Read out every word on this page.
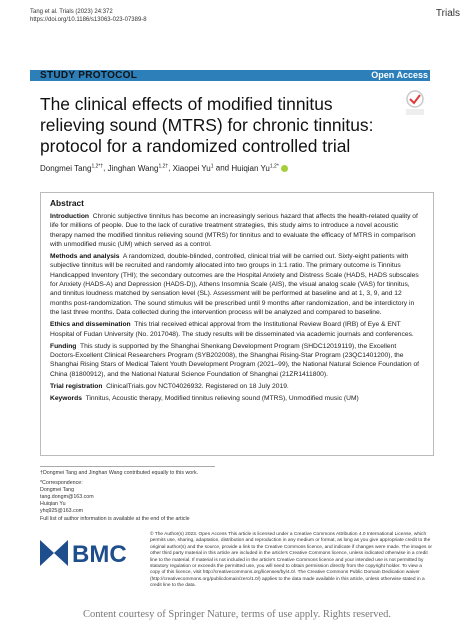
Tang et al. Trials (2023) 24:372
https://doi.org/10.1186/s13063-023-07389-8
Trials
STUDY PROTOCOL	Open Access
The clinical effects of modified tinnitus relieving sound (MTRS) for chronic tinnitus: protocol for a randomized controlled trial
Dongmei Tang$^{1,2*\dagger}$, Jinghan Wang$^{1,2\dagger}$, Xiaopei Yu$^1$ and Huiqian $Yu^{1,2*}$
Abstract

Introduction Chronic subjective tinnitus has become an increasingly serious hazard that affects the health-related quality of life for millions of people. Due to the lack of curative treatment strategies, this study aims to introduce a novel acoustic therapy named the modified tinnitus relieving sound (MTRS) for tinnitus and to evaluate the efficacy of MTRS in comparison with unmodified music (UM) which served as a control.

Methods and analysis A randomized, double-blinded, controlled, clinical trial will be carried out. Sixty-eight patients with subjective tinnitus will be recruited and randomly allocated into two groups in 1:1 ratio. The primary outcome is Tinnitus Handicapped Inventory (THI); the secondary outcomes are the Hospital Anxiety and Distress Scale (HADS, HADS subscales for Anxiety (HADS-A) and Depression (HADS-D)), Athens Insomnia Scale (AIS), the visual analog scale (VAS) for tinnitus, and tinnitus loudness matched by sensation level (SL). Assessment will be performed at baseline and at 1, 3, 9, and 12 months post-randomization. The sound stimulus will be prescribed until 9 months after randomization, and be interdictory in the last three months. Data collected during the intervention process will be analyzed and compared to baseline.

Ethics and dissemination This trial received ethical approval from the Institutional Review Board (IRB) of Eye & ENT Hospital of Fudan University (No. 2017048). The study results will be disseminated via academic journals and conferences.

Funding This study is supported by the Shanghai Shenkang Development Program (SHDC12019119), the Excellent Doctors-Excellent Clinical Researchers Program (SYB202008), the Shanghai Rising-Star Program (23QC1401200), the Shanghai Rising Stars of Medical Talent Youth Development Program (2021–99), the National Natural Science Foundation of China (81800912), and the National Natural Science Foundation of Shanghai (21ZR1411800).

Trial registration ClinicalTrials.gov NCT04026932. Registered on 18 July 2019.

Keywords Tinnitus, Acoustic therapy, Modified tinnitus relieving sound (MTRS), Unmodified music (UM)

†Dongmei Tang and Jinghan Wang contributed equally to this work.
*Correspondence:
Dongmei Tang
tang.dongm@163.com
Huiqian Yu
yhq925@163.com
Full list of author information is available at the end of the article
BMC
© The Author(s) 2023. Open Access This article is licensed under a Creative Commons Attribution 4.0 International License, which permits use, sharing, adaptation, distribution and reproduction in any medium or format, as long as you give appropriate credit to the original author(s) and the source, provide a link to the Creative Commons licence, and indicate if changes were made. The images or other third party material in this article are included in the article's Creative Commons licence, unless indicated otherwise in a credit line to the material. If material is not included in the article's Creative Commons licence and your intended use is not permitted by statutory regulation or exceeds the permitted use, you will need to obtain permission directly from the copyright holder. To view a copy of this licence, visit http://creativecommons.org/licenses/by/4.0/. The Creative Commons Public Domain Dedication waiver (http://creativecommons.org/publicdomain/zero/1.0/) applies to the data made available in this article, unless otherwise stated in a credit line to the data.
Content courtesy of Springer Nature, terms of use apply. Rights reserved.
